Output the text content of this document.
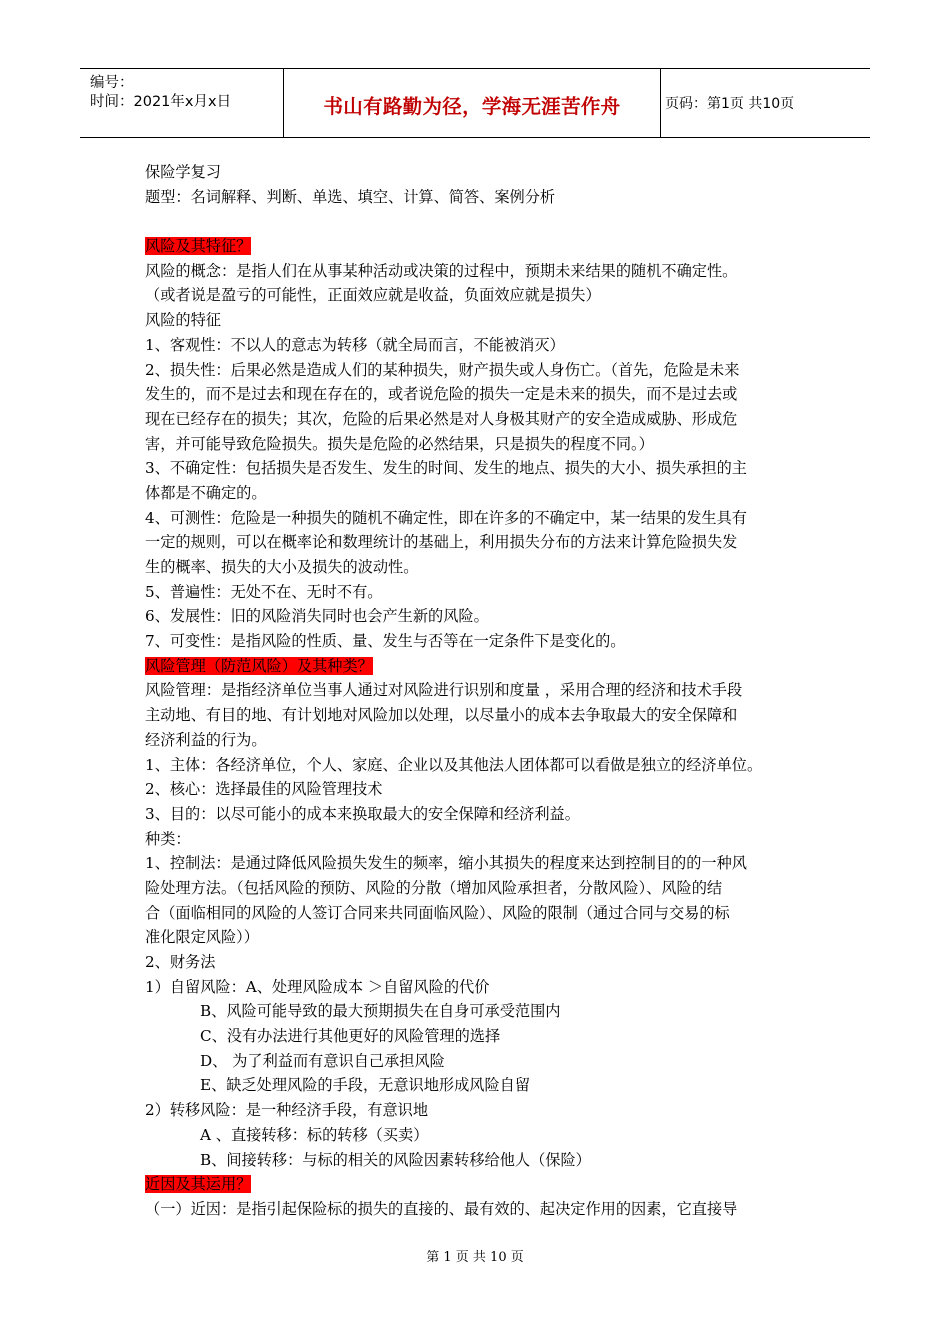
编号：
时间：2021年x月x日	书山有路勤为径，学海无涯苦作舟	页码：第1页 共10页
保险学复习
题型：名词解释、判断、单选、填空、计算、简答、案例分析
风险及其特征？
风险的概念：是指人们在从事某种活动或决策的过程中，预期未来结果的随机不确定性。
（或者说是盈亏的可能性，正面效应就是收益，负面效应就是损失）
风险的特征
1、客观性：不以人的意志为转移（就全局而言，不能被消灭）
2、损失性：后果必然是造成人们的某种损失，财产损失或人身伤亡。（首先，危险是未来
发生的，而不是过去和现在存在的，或者说危险的损失一定是未来的损失，而不是过去或
现在已经存在的损失；其次，危险的后果必然是对人身极其财产的安全造成威胁、形成危
害，并可能导致危险损失。损失是危险的必然结果，只是损失的程度不同。）
3、不确定性：包括损失是否发生、发生的时间、发生的地点、损失的大小、损失承担的主
体都是不确定的。
4、可测性：危险是一种损失的随机不确定性，即在许多的不确定中，某一结果的发生具有
一定的规则，可以在概率论和数理统计的基础上，利用损失分布的方法来计算危险损失发
生的概率、损失的大小及损失的波动性。
5、普遍性：无处不在、无时不有。
6、发展性：旧的风险消失同时也会产生新的风险。
7、可变性：是指风险的性质、量、发生与否等在一定条件下是变化的。
风险管理（防范风险）及其种类？
风险管理：是指经济单位当事人通过对风险进行识别和度量 ，采用合理的经济和技术手段
主动地、有目的地、有计划地对风险加以处理，以尽量小的成本去争取最大的安全保障和
经济利益的行为。
1、主体：各经济单位，个人、家庭、企业以及其他法人团体都可以看做是独立的经济单位。
2、核心：选择最佳的风险管理技术
3、目的：以尽可能小的成本来换取最大的安全保障和经济利益。
种类：
1、控制法：是通过降低风险损失发生的频率，缩小其损失的程度来达到控制目的的一种风
险处理方法。（包括风险的预防、风险的分散（增加风险承担者，分散风险）、风险的结
合（面临相同的风险的人签订合同来共同面临风险）、风险的限制（通过合同与交易的标
准化限定风险））
2、财务法
1）自留风险：A、处理风险成本 ＞自留风险的代价
B、风险可能导致的最大预期损失在自身可承受范围内
C、没有办法进行其他更好的风险管理的选择
D、 为了利益而有意识自己承担风险
E、缺乏处理风险的手段，无意识地形成风险自留
2）转移风险：是一种经济手段，有意识地
A 、直接转移：标的转移（买卖）
B、间接转移：与标的相关的风险因素转移给他人（保险）
近因及其运用？
（一）近因：是指引起保险标的损失的直接的、最有效的、起决定作用的因素，它直接导
第 1 页 共 10 页
